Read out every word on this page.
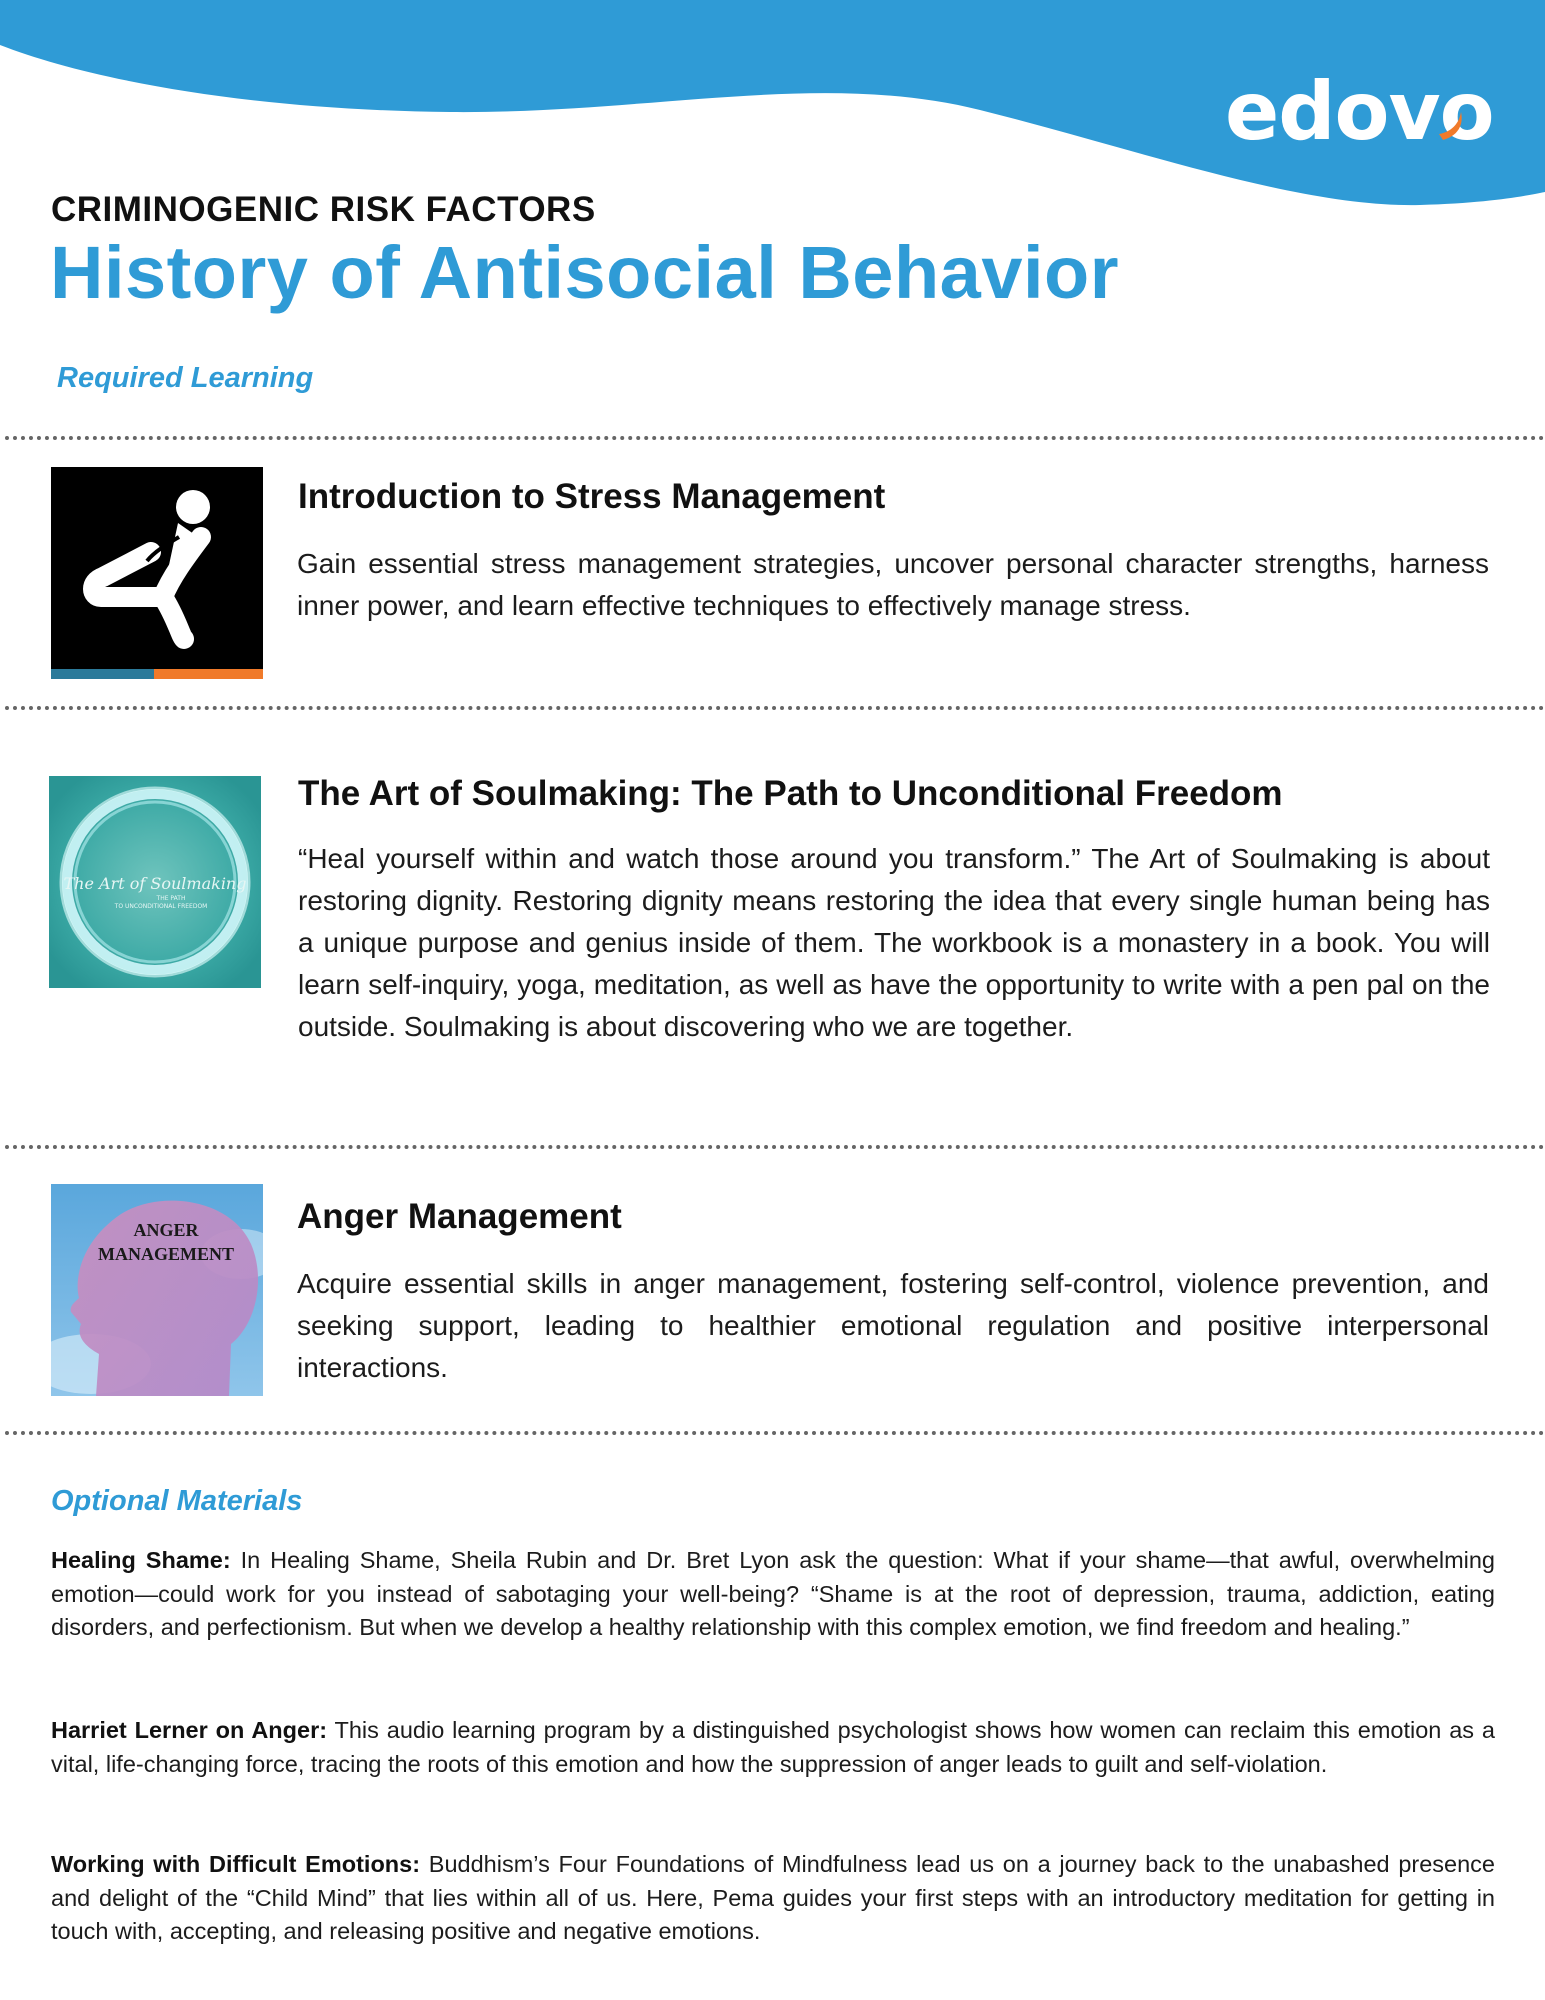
edovo
CRIMINOGENIC RISK FACTORS
History of Antisocial Behavior
Required Learning
Introduction to Stress Management

Gain essential stress management strategies, uncover personal character strengths, harness inner power, and learn effective techniques to effectively manage stress.

The Art of Soulmaking
THE PATH
TO UNCONDITIONAL FREEDOM
The Art of Soulmaking: The Path to Unconditional Freedom

“Heal yourself within and watch those around you transform.” The Art of Soulmaking is about restoring dignity. Restoring dignity means restoring the idea that every single human being has a unique purpose and genius inside of them. The workbook is a monastery in a book. You will learn self-inquiry, yoga, meditation, as well as have the opportunity to write with a pen pal on the outside. Soulmaking is about discovering who we are together.

ANGER
MANAGEMENT
Anger Management

Acquire essential skills in anger management, fostering self-control, violence prevention, and seeking support, leading to healthier emotional regulation and positive interpersonal interactions.

Optional Materials

Healing Shame: In Healing Shame, Sheila Rubin and Dr. Bret Lyon ask the question: What if your shame—that awful, overwhelming emotion—could work for you instead of sabotaging your well-being? “Shame is at the root of depression, trauma, addiction, eating disorders, and perfectionism. But when we develop a healthy relationship with this complex emotion, we find freedom and healing.”

Harriet Lerner on Anger: This audio learning program by a distinguished psychologist shows how women can reclaim this emotion as a vital, life-changing force, tracing the roots of this emotion and how the suppression of anger leads to guilt and self-violation.

Working with Difficult Emotions: Buddhism’s Four Foundations of Mindfulness lead us on a journey back to the unabashed presence and delight of the “Child Mind” that lies within all of us. Here, Pema guides your first steps with an introductory meditation for getting in touch with, accepting, and releasing positive and negative emotions.
